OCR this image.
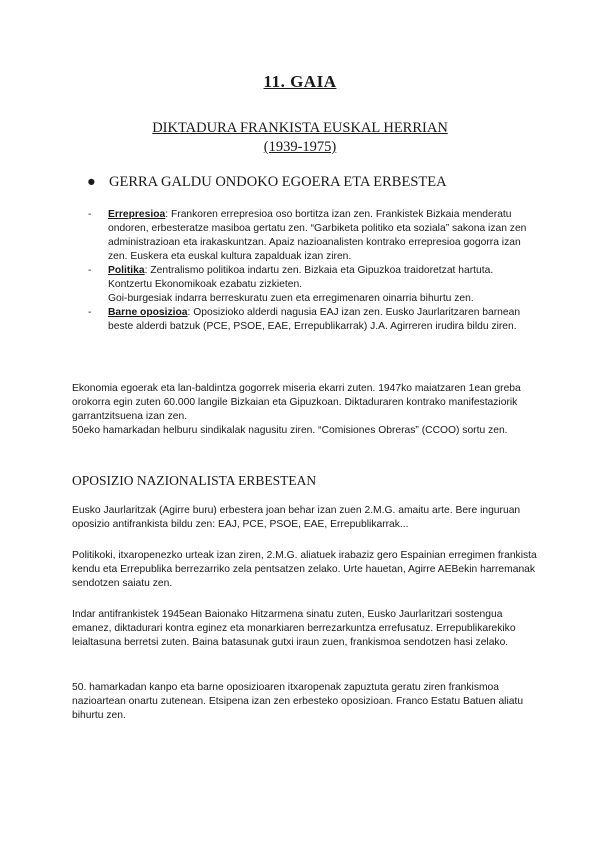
11. GAIA
DIKTADURA FRANKISTA EUSKAL HERRIAN
(1939-1975)
● GERRA GALDU ONDOKO EGOERA ETA ERBESTEA
- Errepresioa: Frankoren errepresioa oso bortitza izan zen. Frankistek Bizkaia menderatu ondoren, erbesteratze masiboa gertatu zen. “Garbiketa politiko eta soziala” sakona izan zen administrazioan eta irakaskuntzan. Apaiz nazioanalisten kontrako errepresioa gogorra izan zen. Euskera eta euskal kultura zapalduak izan ziren.

- Politika: Zentralismo politikoa indartu zen. Bizkaia eta Gipuzkoa traidoretzat hartuta. Kontzertu Ekonomikoak ezabatu zizkieten.

Goi-burgesiak indarra berreskuratu zuen eta erregimenaren oinarria bihurtu zen.

- Barne oposizioa: Oposizioko alderdi nagusia EAJ izan zen. Eusko Jaurlaritzaren barnean beste alderdi batzuk (PCE, PSOE, EAE, Errepublikarrak) J.A. Agirreren irudira bildu ziren.

Ekonomia egoerak eta lan-baldintza gogorrek miseria ekarri zuten. 1947ko maiatzaren 1ean greba orokorra egin zuten 60.000 langile Bizkaian eta Gipuzkoan. Diktaduraren kontrako manifestaziorik garrantzitsuena izan zen.
50eko hamarkadan helburu sindikalak nagusitu ziren. “Comisiones Obreras” (CCOO) sortu zen.
OPOSIZIO NAZIONALISTA ERBESTEAN

Eusko Jaurlaritzak (Agirre buru) erbestera joan behar izan zuen 2.M.G. amaitu arte. Bere inguruan oposizio antifrankista bildu zen: EAJ, PCE, PSOE, EAE, Errepublikarrak...

Politikoki, itxaropenezko urteak izan ziren, 2.M.G. aliatuek irabaziz gero Espainian erregimen frankista kendu eta Errepublika berrezarriko zela pentsatzen zelako. Urte hauetan, Agirre AEBekin harremanak sendotzen saiatu zen.

Indar antifrankistek 1945ean Baionako Hitzarmena sinatu zuten, Eusko Jaurlaritzari sostengua emanez, diktadurari kontra eginez eta monarkiaren berrezarkuntza errefusatuz. Errepublikarekiko leialtasuna berretsi zuten. Baina batasunak gutxi iraun zuen, frankismoa sendotzen hasi zelako.

50. hamarkadan kanpo eta barne oposizioaren itxaropenak zapuztuta geratu ziren frankismoa nazioartean onartu zutenean. Etsipena izan zen erbesteko oposizioan. Franco Estatu Batuen aliatu bihurtu zen.
